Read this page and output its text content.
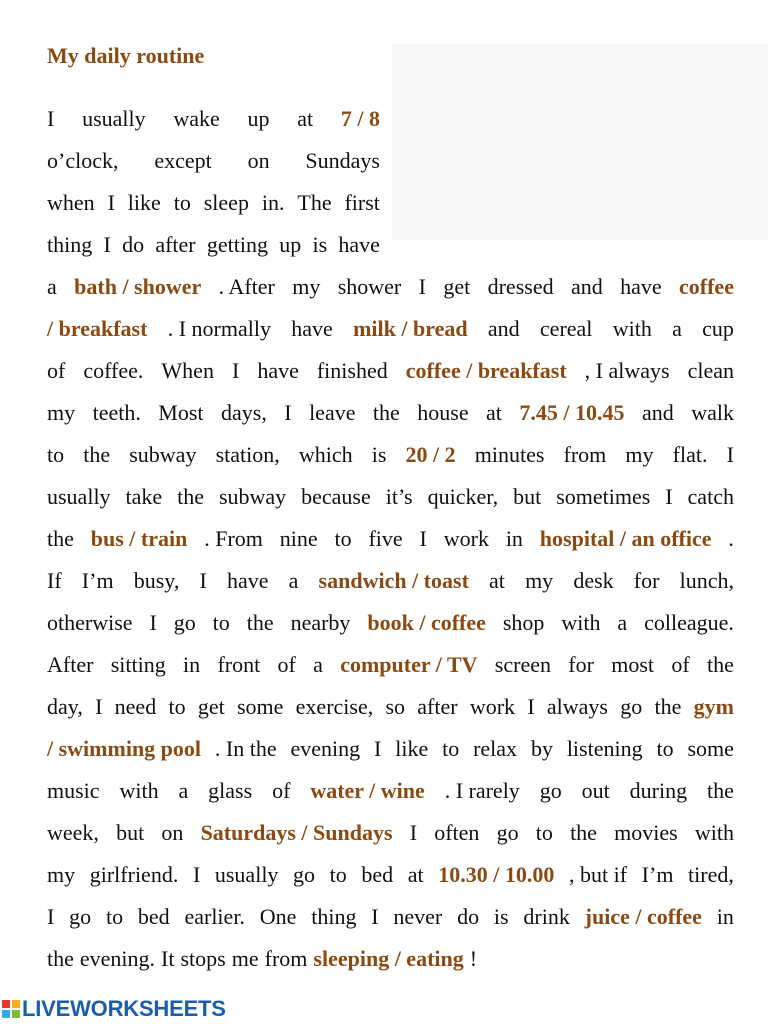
My daily routine
I usually wake up at 7 / 8
o’clock, except on Sundays
when I like to sleep in. The first
thing I do after getting up is have
a bath / shower . After my shower I get dressed and have coffee
/ breakfast . I normally have milk / bread and cereal with a cup
of coffee. When I have finished coffee / breakfast , I always clean
my teeth. Most days, I leave the house at 7.45 / 10.45 and walk
to the subway station, which is 20 / 2 minutes from my flat. I
usually take the subway because it’s quicker, but sometimes I catch
the bus / train . From nine to five I work in hospital / an office .
If I’m busy, I have a sandwich / toast at my desk for lunch,
otherwise I go to the nearby book / coffee shop with a colleague.
After sitting in front of a computer / TV screen for most of the
day, I need to get some exercise, so after work I always go the gym
/ swimming pool . In the evening I like to relax by listening to some
music with a glass of water / wine . I rarely go out during the
week, but on Saturdays / Sundays I often go to the movies with
my girlfriend. I usually go to bed at 10.30 / 10.00 , but if I’m tired,
I go to bed earlier. One thing I never do is drink juice / coffee in
the evening. It stops me from sleeping / eating !
LIVEWORKSHEETS
